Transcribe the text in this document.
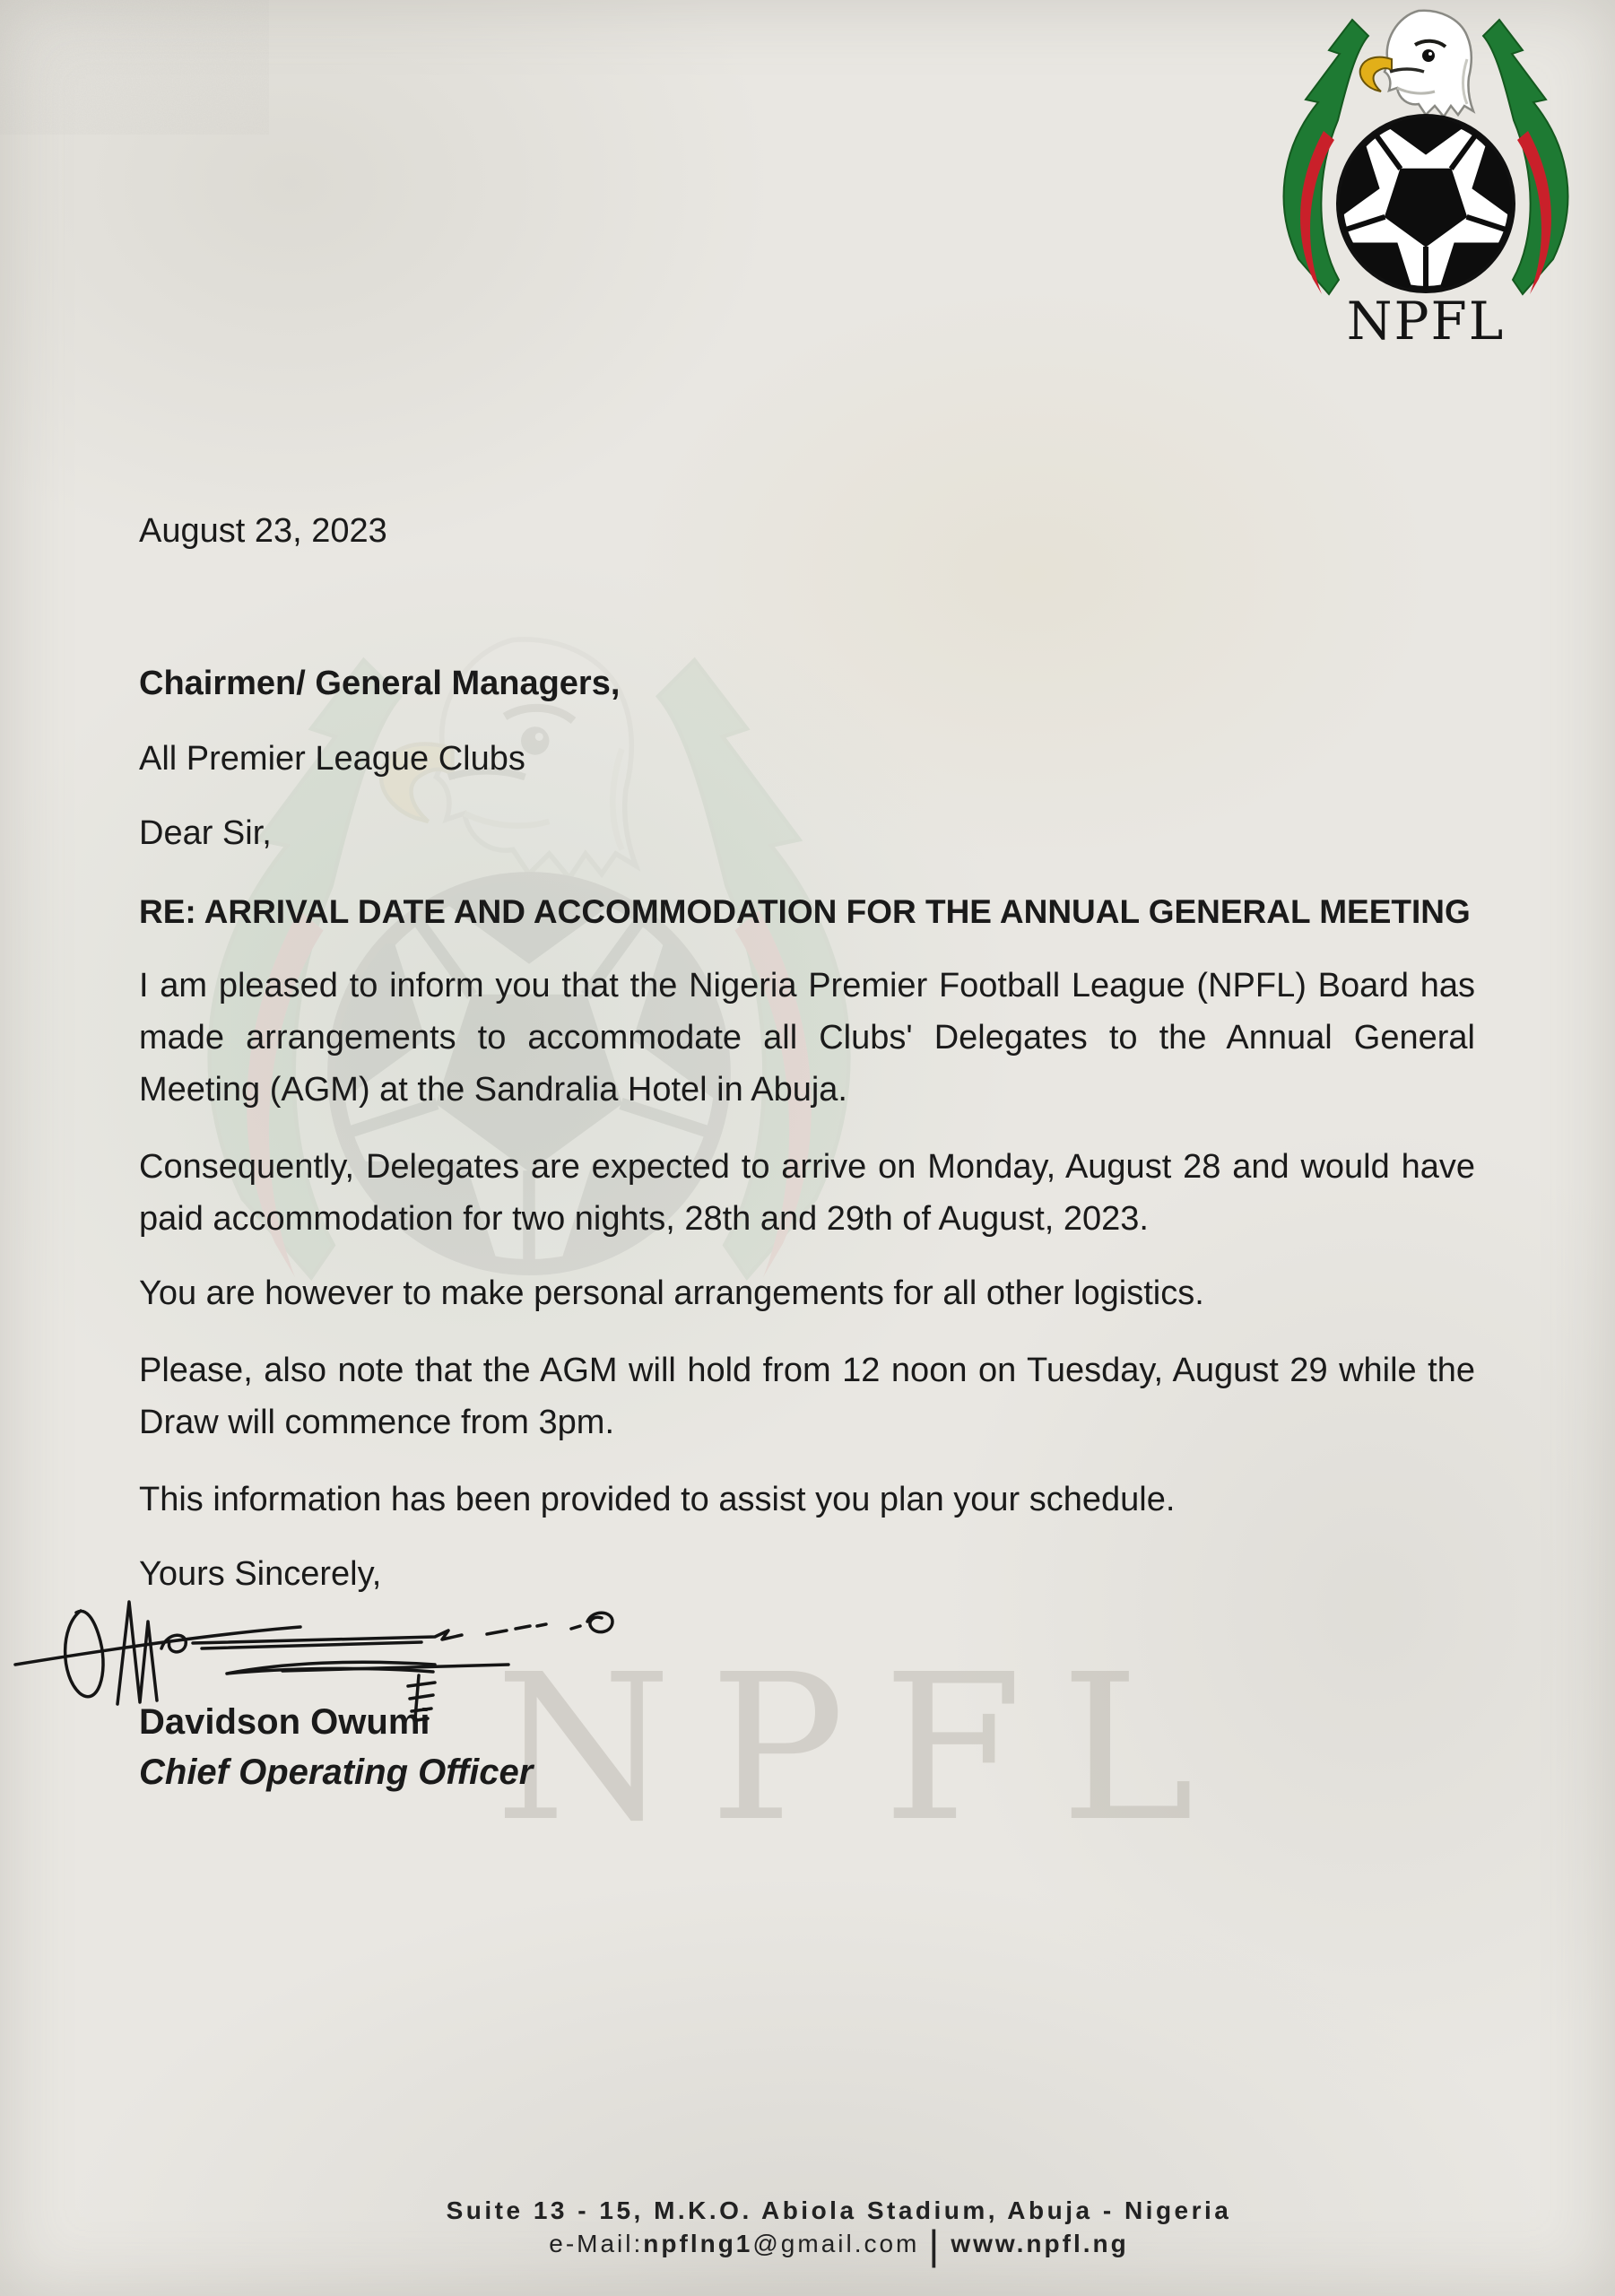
NPFL
NPFL

August 23, 2023

Chairmen/ General Managers,

All Premier League Clubs

Dear Sir,

RE: ARRIVAL DATE AND ACCOMMODATION FOR THE ANNUAL GENERAL MEETING

I am pleased to inform you that the Nigeria Premier Football League (NPFL) Board has made arrangements to accommodate all Clubs' Delegates to the Annual General Meeting (AGM) at the Sandralia Hotel in Abuja.

Consequently, Delegates are expected to arrive on Monday, August 28 and would have paid accommodation for two nights, 28th and 29th of August, 2023.

You are however to make personal arrangements for all other logistics.

Please, also note that the AGM will hold from 12 noon on Tuesday, August 29 while the Draw will commence from 3pm.

This information has been provided to assist you plan your schedule.

Yours Sincerely,

Davidson Owumi
Chief Operating Officer
Suite 13 - 15, M.K.O. Abiola Stadium, Abuja - Nigeria
e-Mail:npflng1@gmail.com | www.npfl.ng
